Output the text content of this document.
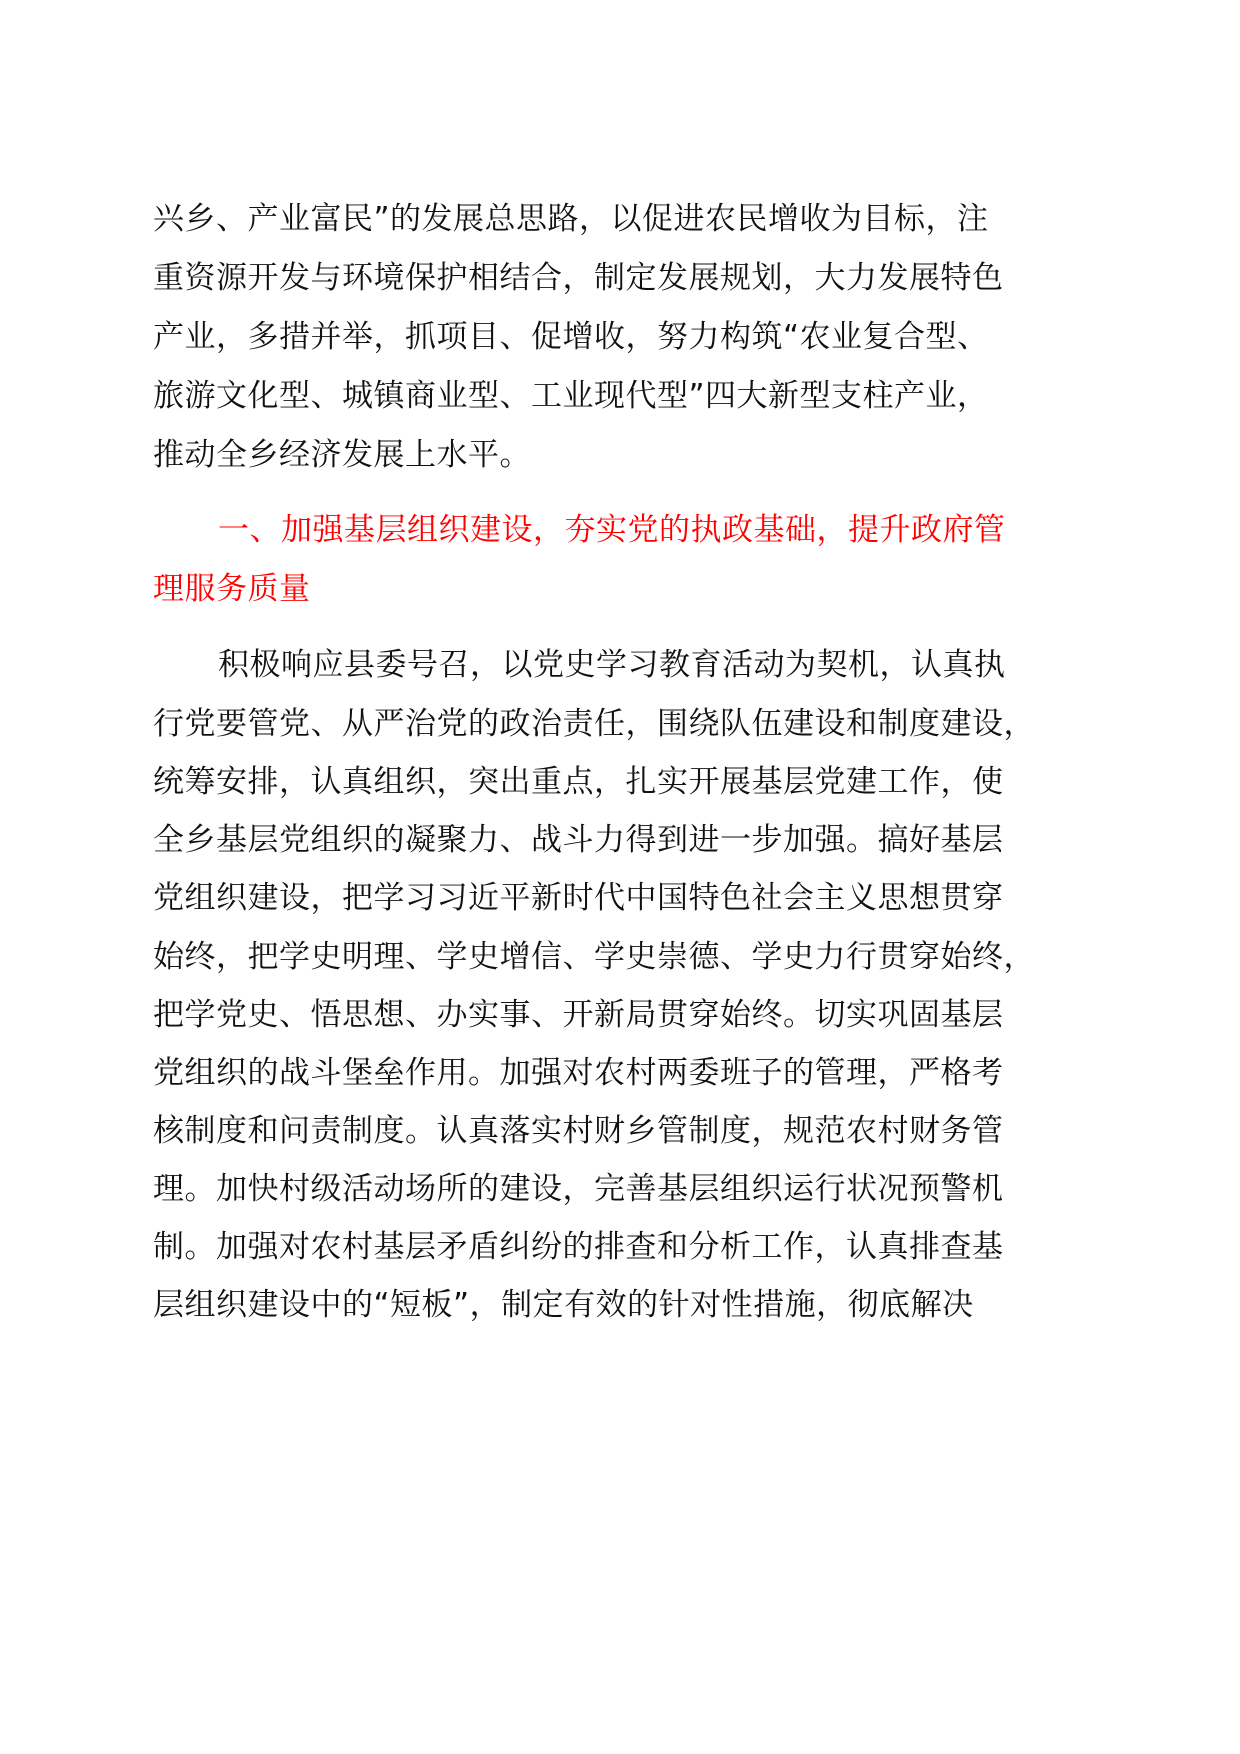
兴乡、产业富民”的发展总思路，以促进农民增收为目标，注
重资源开发与环境保护相结合，制定发展规划，大力发展特色
产业，多措并举，抓项目、促增收，努力构筑“农业复合型、
旅游文化型、城镇商业型、工业现代型”四大新型支柱产业，
推动全乡经济发展上水平。
一、加强基层组织建设，夯实党的执政基础，提升政府管
理服务质量
积极响应县委号召，以党史学习教育活动为契机，认真执
行党要管党、从严治党的政治责任，围绕队伍建设和制度建设，
统筹安排，认真组织，突出重点，扎实开展基层党建工作，使
全乡基层党组织的凝聚力、战斗力得到进一步加强。搞好基层
党组织建设，把学习习近平新时代中国特色社会主义思想贯穿
始终，把学史明理、学史增信、学史崇德、学史力行贯穿始终，
把学党史、悟思想、办实事、开新局贯穿始终。切实巩固基层
党组织的战斗堡垒作用。加强对农村两委班子的管理，严格考
核制度和问责制度。认真落实村财乡管制度，规范农村财务管
理。加快村级活动场所的建设，完善基层组织运行状况预警机
制。加强对农村基层矛盾纠纷的排查和分析工作，认真排查基
层组织建设中的“短板”，制定有效的针对性措施，彻底解决
